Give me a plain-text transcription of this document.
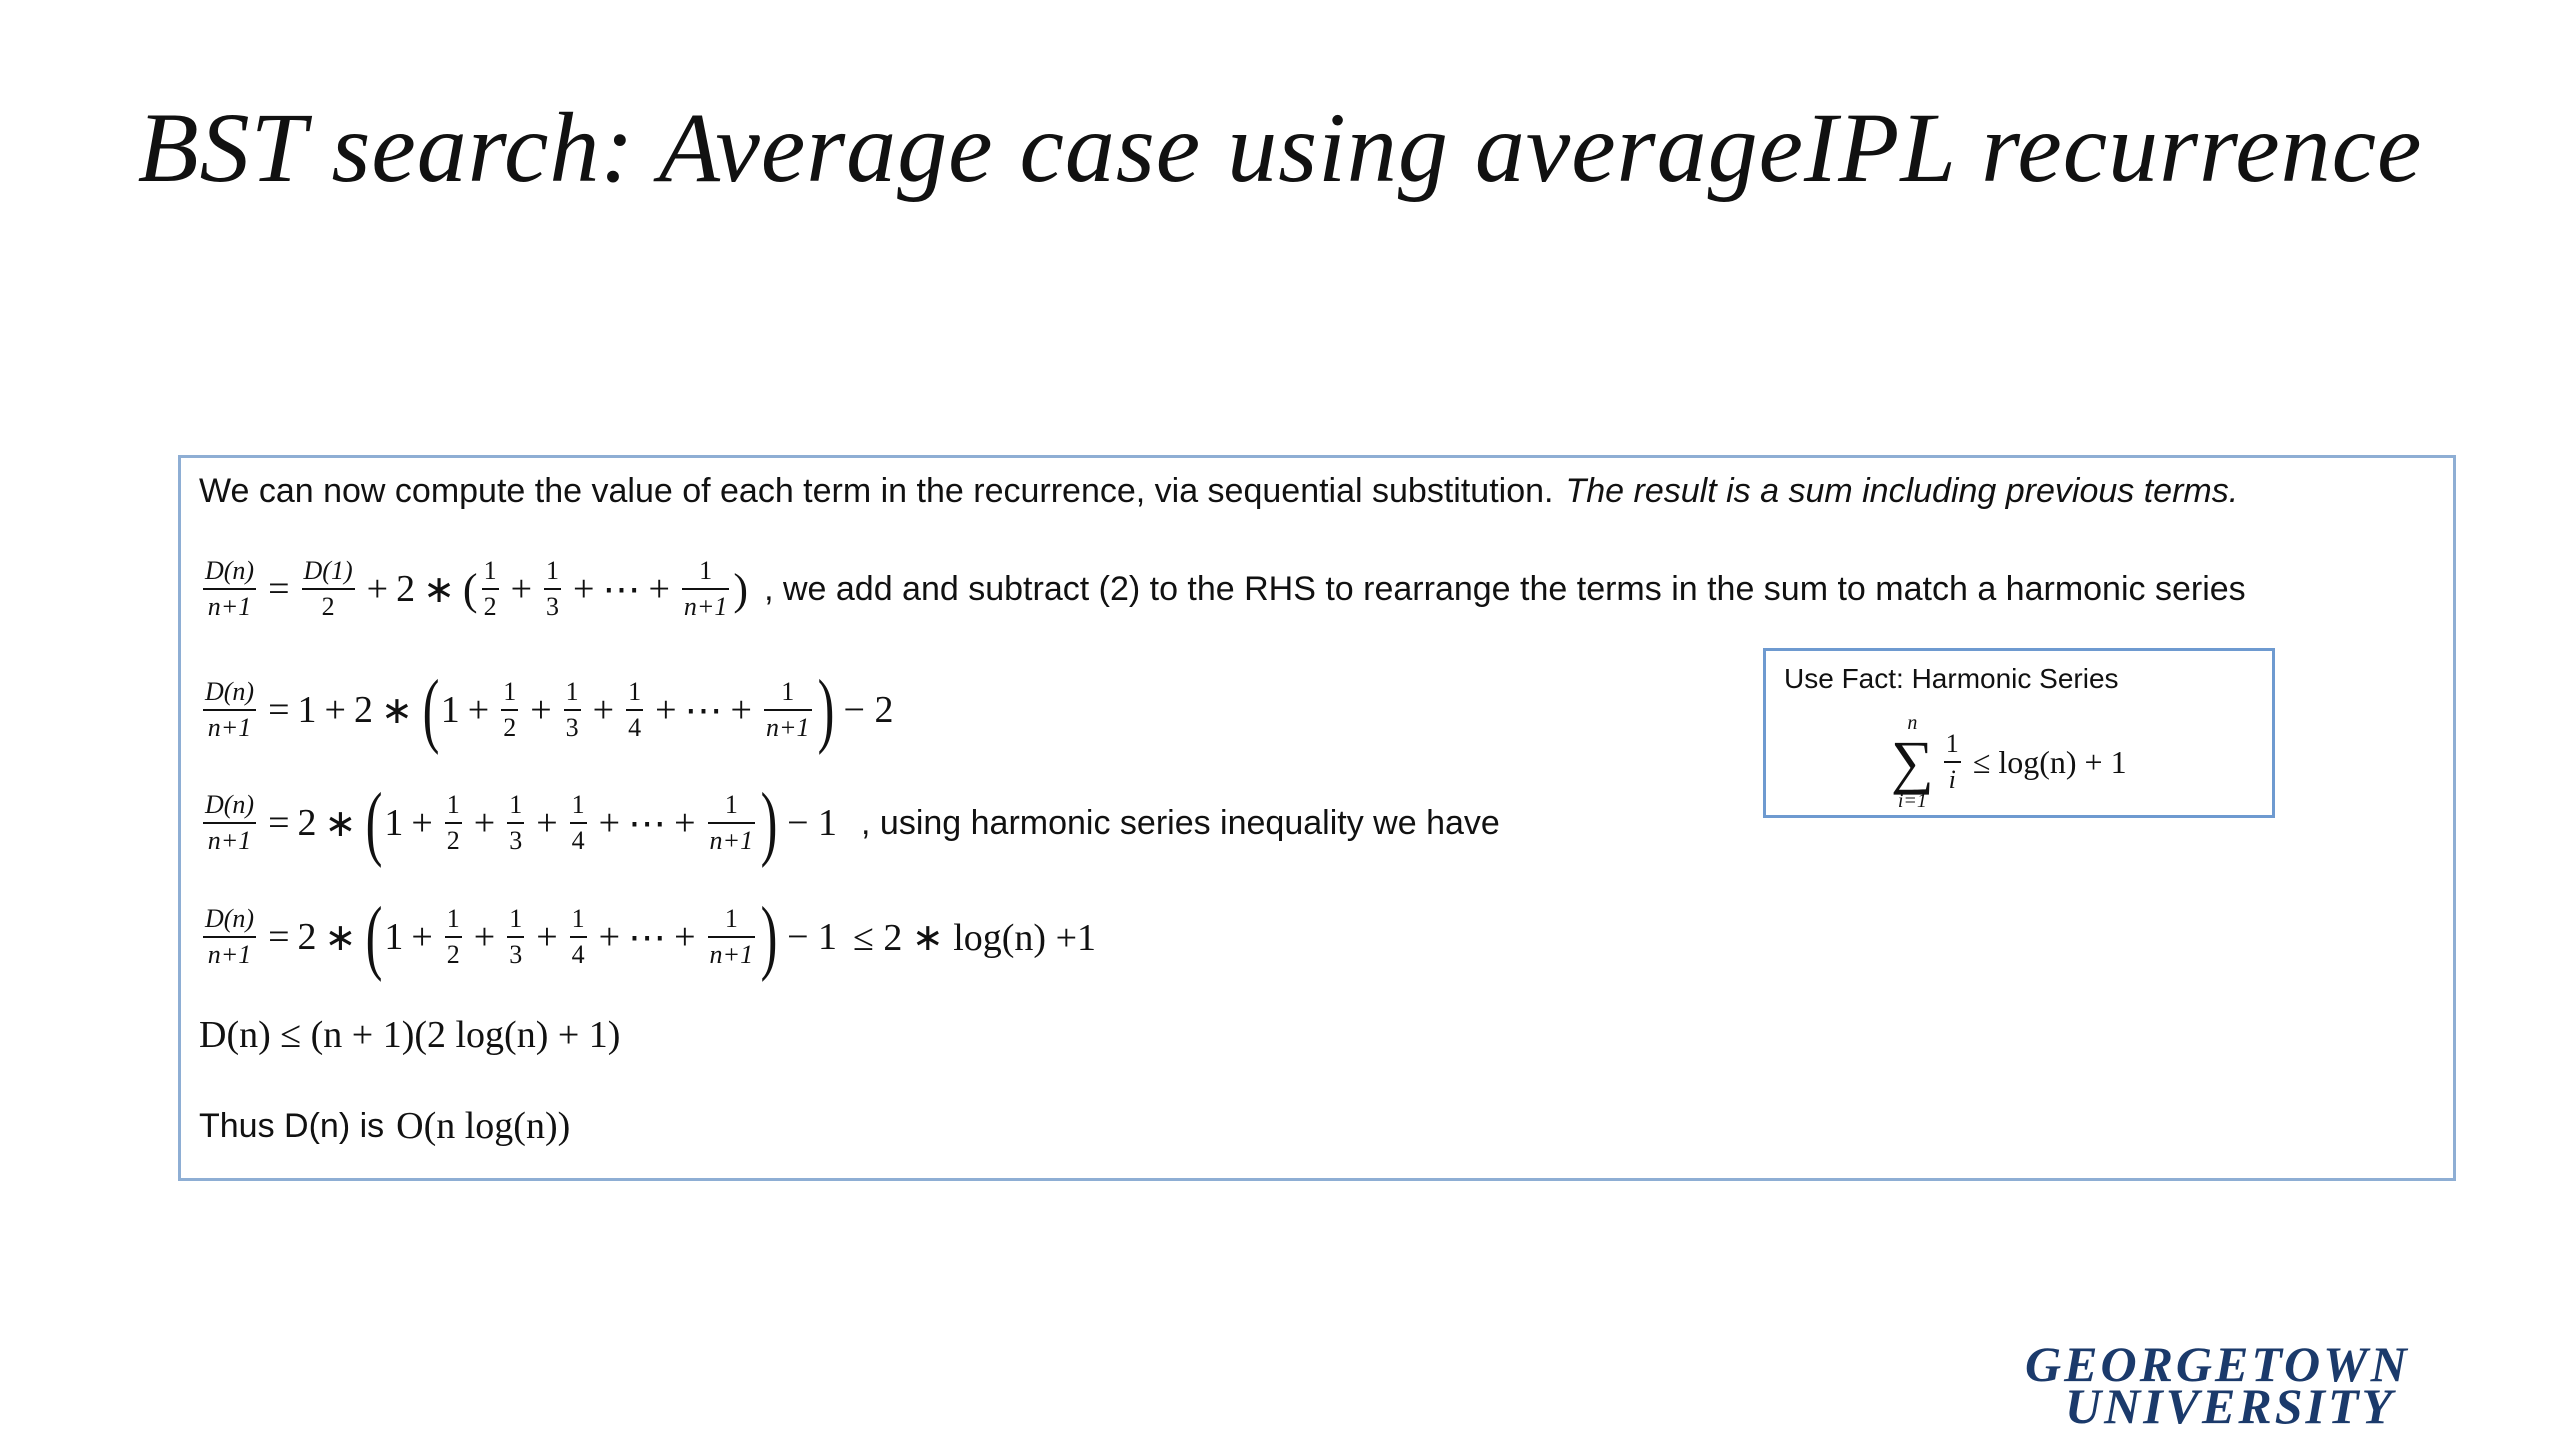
BST search: Average case using averageIPL recurrence
We can now compute the value of each term in the recurrence, via sequential substitution. The result is a sum including previous terms.
$\frac{D(n)}{n+1} = \frac{D(1)}{2} + 2$ ∗ ( $\frac{1}{2} + \frac{1}{3}$ + ⋯ + $\frac{1}{n+1}$ ) , we add and subtract (2) to the RHS to rearrange the terms in the sum to match a harmonic series
$\frac{D(n)}{n+1} = 1 + 2$ ∗ ( $1 + \frac{1}{2} + \frac{1}{3} + \frac{1}{4}$ + ⋯ + $\frac{1}{n+1}$ ) − 2
$\frac{D(n)}{n+1} = 2$ ∗ ( $1 + \frac{1}{2} + \frac{1}{3} + \frac{1}{4}$ + ⋯ + $\frac{1}{n+1}$ ) − 1 , using harmonic series inequality we have
$\frac{D(n)}{n+1} = 2$ ∗ ( $1 + \frac{1}{2} + \frac{1}{3} + \frac{1}{4}$ + ⋯ + $\frac{1}{n+1}$ ) − 1 ≤ 2 ∗ log(n) +1
D(n) ≤ (n + 1)(2 log(n) + 1)
Thus D(n) is O(n log(n))
Use Fact: Harmonic Series
n
∑
i=1
$\frac{1}{i} \le \log(n) + 1$
GEORGETOWN
UNIVERSITY
